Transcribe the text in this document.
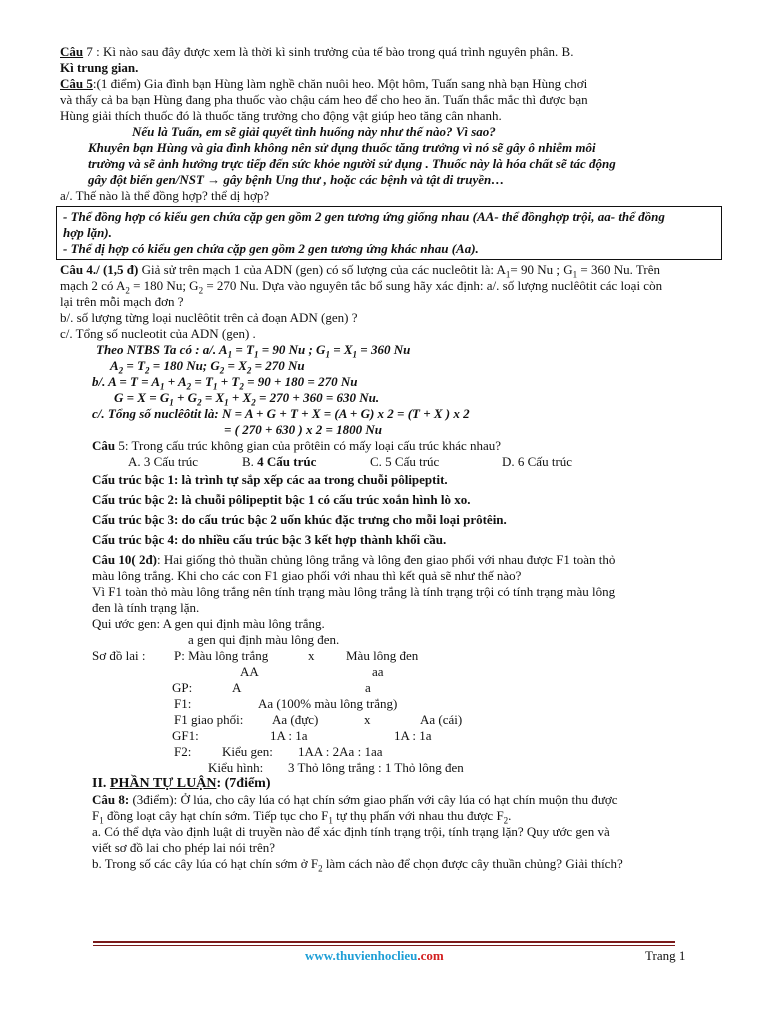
Câu 7 : Kì nào sau đây được xem là thời kì sinh trưởng của tế bào trong quá trình nguyên phân. B.
Kì trung gian.
Câu 5:(1 điểm) Gia đình bạn Hùng làm nghề chăn nuôi heo. Một hôm, Tuấn sang nhà bạn Hùng chơi
và thấy cả ba bạn Hùng đang pha thuốc vào chậu cám heo để cho heo ăn. Tuấn thắc mắc thì được bạn
Hùng giải thích thuốc đó là thuốc tăng trưởng cho động vật giúp heo tăng cân nhanh.
Nếu là Tuấn, em sẽ giải quyết tình huống này như thế nào? Vì sao?
Khuyên bạn Hùng và gia đình không nên sử dụng thuốc tăng trưởng vì nó sẽ gây ô nhiễm môi
trường và sẽ ảnh hưởng trực tiếp đến sức khỏe người sử dụng . Thuốc này là hóa chất sẽ tác động
gây đột biến gen/NST → gây bệnh Ung thư , hoặc các bệnh và tật di truyền…
a/. Thế nào là thể đồng hợp? thể dị hợp?
- Thể đồng hợp có kiểu gen chứa cặp gen gồm 2 gen tương ứng giống nhau (AA- thể đồnghợp trội, aa- thể đồng
hợp lặn).
- Thể dị hợp có kiểu gen chứa cặp gen gồm 2 gen tương ứng khác nhau (Aa).
Câu 4./ (1,5 đ) Giả sử trên mạch 1 của ADN (gen) có số lượng của các nucleôtit là: $A_1= 90$ Nu ; $G_1 = 360$ Nu. Trên
mạch 2 có $A_2 = 180$ Nu; $G_2 = 270$ Nu. Dựa vào nguyên tắc bổ sung hãy xác định: a/. số lượng nuclêôtit các loại còn
lại trên mỗi mạch đơn ?
b/. số lượng từng loại nuclêôtit trên cả đoạn ADN (gen) ?
c/. Tổng số nucleotit của ADN (gen) .
Theo NTBS Ta có : a/. $A_1 = T_1 = 90$ Nu ; $G_1 = X_1 = 360$ Nu
$A_2 = T_2 = 180$ Nu; $G_2 = X_2 = 270$ Nu
b/. $A = T = A_1 + A_2 = T_1 + T_2 = 90 + 180 = 270$ Nu
$G = X = G_1 + G_2 = X_1 + X_2 = 270 + 360 = 630$ Nu.
c/. Tổng số nuclêôtit là: N = A + G + T + X = (A + G) x 2 = (T + X ) x 2
= ( 270 + 630 ) x 2 = 1800 Nu
Câu 5: Trong cấu trúc không gian của prôtêin có mấy loại cấu trúc khác nhau?
A. 3 Cấu trúc	B. 4 Cấu trúc	C. 5 Cấu trúc	D. 6 Cấu trúc
Cấu trúc bậc 1: là trình tự sắp xếp các aa trong chuỗi pôlipeptit.
Cấu trúc bậc 2: là chuỗi pôlipeptit bậc 1 có cấu trúc xoắn hình lò xo.
Cấu trúc bậc 3: do cấu trúc bậc 2 uốn khúc đặc trưng cho mỗi loại prôtêin.
Cấu trúc bậc 4: do nhiều cấu trúc bậc 3 kết hợp thành khối cầu.
Câu 10( 2đ): Hai giống thỏ thuần chủng lông trắng và lông đen giao phối với nhau được F1 toàn thỏ
màu lông trắng. Khi cho các con F1 giao phối với nhau thì kết quả sẽ như thế nào?
Vì F1 toàn thỏ màu lông trắng nên tính trạng màu lông trắng là tính trạng trội có tính trạng màu lông
đen là tính trạng lặn.
Qui ước gen: A gen qui định màu lông trắng.
a gen qui định màu lông đen.
Sơ đồ lai : P: Màu lông trắng	x Màu lông đen
AA	aa
GP:	A	a
F1:	Aa (100% màu lông trắng)
F1 giao phối: Aa (đực)	x	Aa (cái)
GF1:	1A : 1a	1A : 1a
F2: Kiểu gen: 1AA : 2Aa : 1aa
Kiểu hình: 3 Thỏ lông trắng : 1 Thỏ lông đen
II. PHẦN TỰ LUẬN: (7điểm)
Câu 8: (3điểm): Ở lúa, cho cây lúa có hạt chín sớm giao phấn với cây lúa có hạt chín muộn thu được
$F_1$ đồng loạt cây hạt chín sớm. Tiếp tục cho $F_1$ tự thụ phấn với nhau thu được $F_2$.
a. Có thể dựa vào định luật di truyền nào để xác định tính trạng trội, tính trạng lặn? Quy ước gen và
viết sơ đồ lai cho phép lai nói trên?
b. Trong số các cây lúa có hạt chín sớm ở $F_2$ làm cách nào để chọn được cây thuần chủng? Giải thích?
www.thuvienhoclieu.com	Trang 1
